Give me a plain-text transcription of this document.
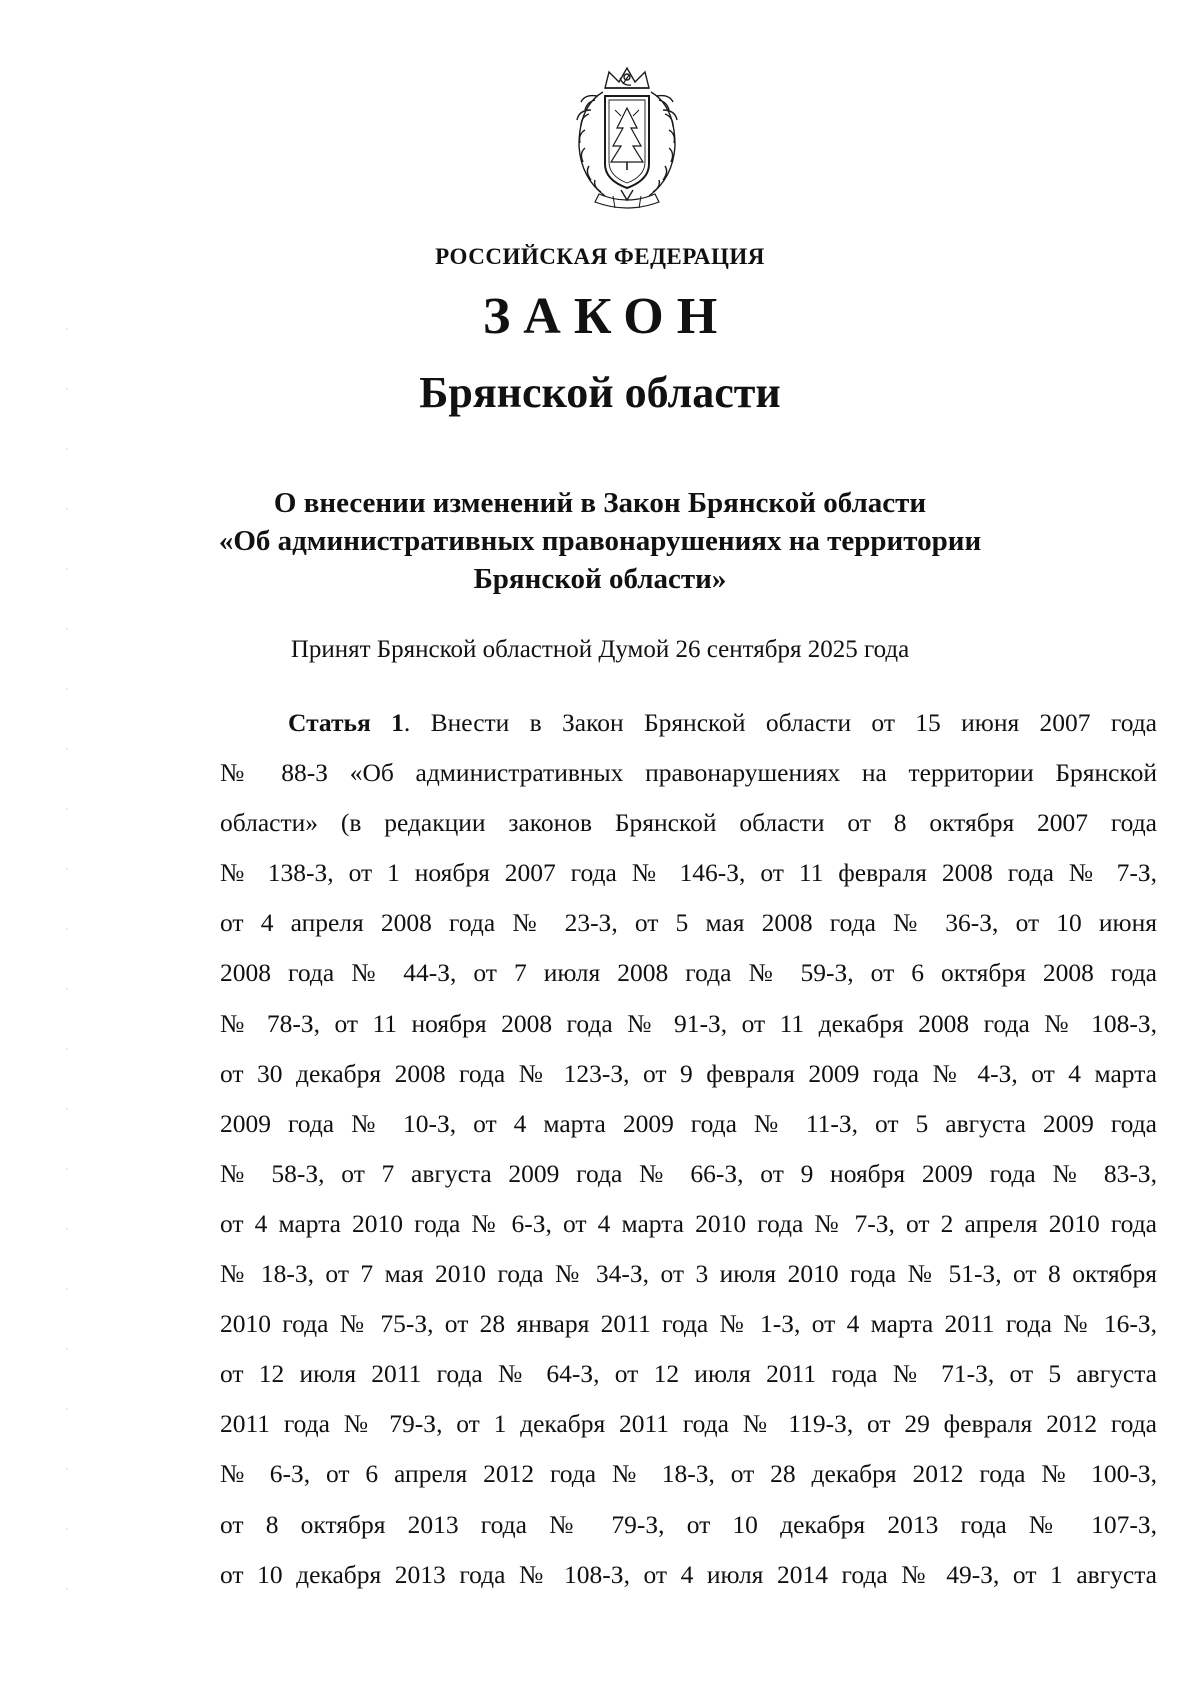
РОССИЙСКАЯ ФЕДЕРАЦИЯ
ЗАКОН
Брянской области
О внесении изменений в Закон Брянской области
«Об административных правонарушениях на территории
Брянской области»
Принят Брянской областной Думой 26 сентября 2025 года
Статья 1. Внести в Закон Брянской области от 15 июня 2007 года
№ 88-З «Об административных правонарушениях на территории Брянской
области» (в редакции законов Брянской области от 8 октября 2007 года
№ 138-З, от 1 ноября 2007 года № 146-З, от 11 февраля 2008 года № 7-З,
от 4 апреля 2008 года № 23-З, от 5 мая 2008 года № 36-З, от 10 июня
2008 года № 44-З, от 7 июля 2008 года № 59-З, от 6 октября 2008 года
№ 78-З, от 11 ноября 2008 года № 91-З, от 11 декабря 2008 года № 108-З,
от 30 декабря 2008 года № 123-З, от 9 февраля 2009 года № 4-З, от 4 марта
2009 года № 10-З, от 4 марта 2009 года № 11-З, от 5 августа 2009 года
№ 58-З, от 7 августа 2009 года № 66-З, от 9 ноября 2009 года № 83-З,
от 4 марта 2010 года № 6-З, от 4 марта 2010 года № 7-З, от 2 апреля 2010 года
№ 18-З, от 7 мая 2010 года № 34-З, от 3 июля 2010 года № 51-З, от 8 октября
2010 года № 75-З, от 28 января 2011 года № 1-З, от 4 марта 2011 года № 16-З,
от 12 июля 2011 года № 64-З, от 12 июля 2011 года № 71-З, от 5 августа
2011 года № 79-З, от 1 декабря 2011 года № 119-З, от 29 февраля 2012 года
№ 6-З, от 6 апреля 2012 года № 18-З, от 28 декабря 2012 года № 100-З,
от 8 октября 2013 года № 79-З, от 10 декабря 2013 года № 107-З,
от 10 декабря 2013 года № 108-З, от 4 июля 2014 года № 49-З, от 1 августа
